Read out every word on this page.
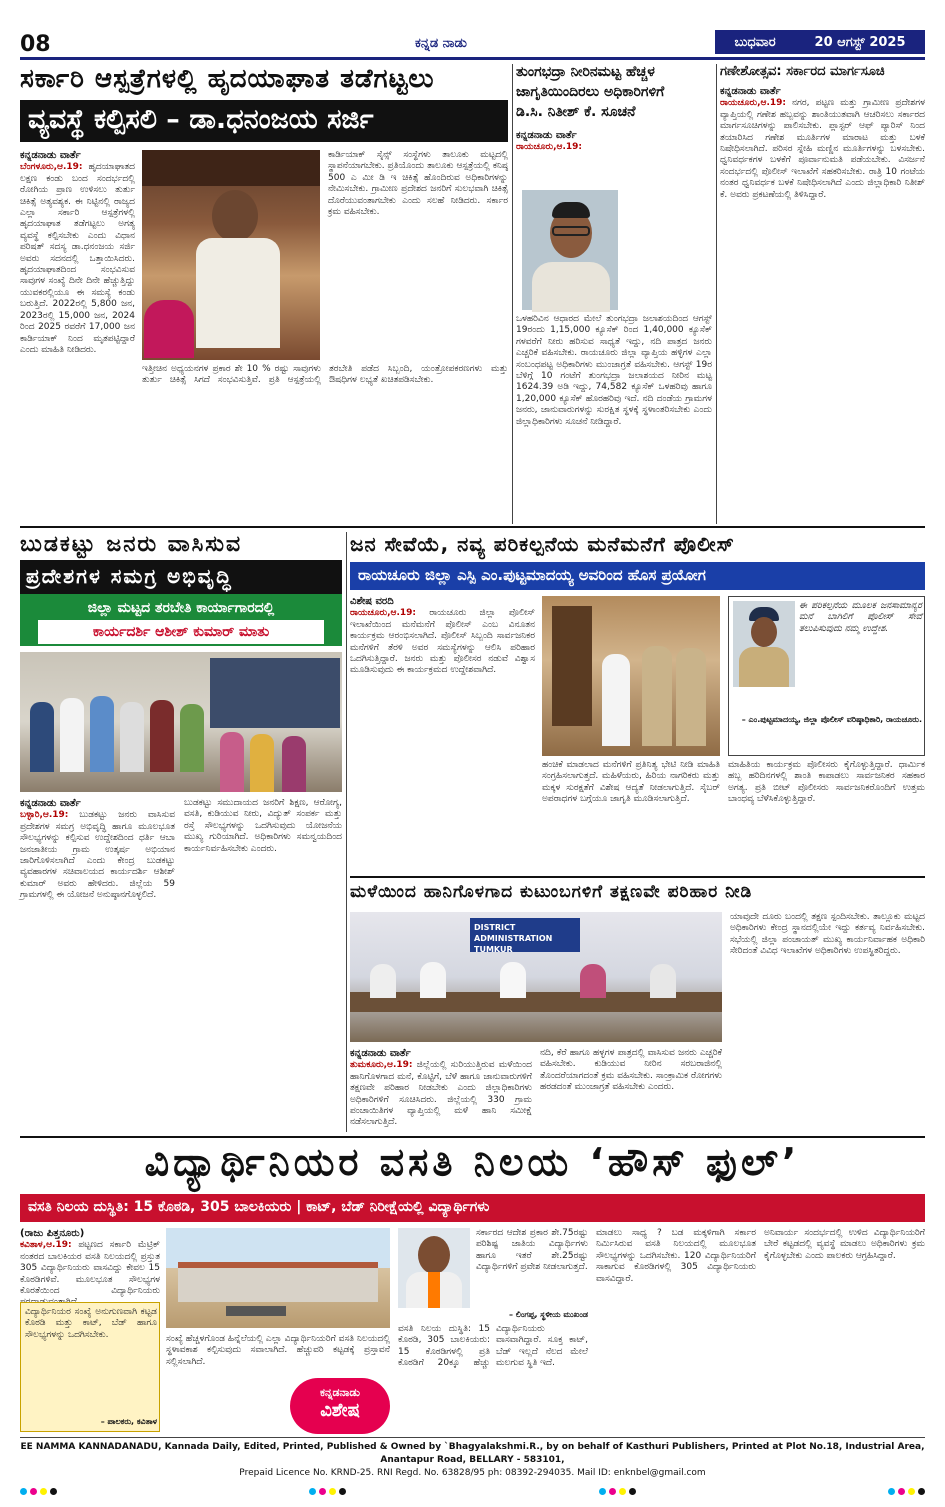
08	ಕನ್ನಡ ನಾಡು	ಬುಧವಾರ	20 ಆಗಸ್ಟ್ 2025
ಸರ್ಕಾರಿ ಆಸ್ಪತ್ರೆಗಳಲ್ಲಿ ಹೃದಯಾಘಾತ ತಡೆಗಟ್ಟಲು
ವ್ಯವಸ್ಥೆ ಕಲ್ಪಿಸಲಿ – ಡಾ.ಧನಂಜಯ ಸರ್ಜಿ
ಕನ್ನಡನಾಡು ವಾರ್ತೆ
ಬೆಂಗಳೂರು,ಆ.19: ಹೃದಯಾಘಾತದ ಲಕ್ಷಣ ಕಂಡು ಬಂದ ಸಂದರ್ಭದಲ್ಲಿ ರೋಗಿಯ ಪ್ರಾಣ ಉಳಿಸಲು ತುರ್ತು ಚಿಕಿತ್ಸೆ ಅತ್ಯವಶ್ಯಕ. ಈ ನಿಟ್ಟಿನಲ್ಲಿ ರಾಜ್ಯದ ಎಲ್ಲಾ ಸರ್ಕಾರಿ ಆಸ್ಪತ್ರೆಗಳಲ್ಲಿ ಹೃದಯಾಘಾತ ತಡೆಗಟ್ಟಲು ಅಗತ್ಯ ವ್ಯವಸ್ಥೆ ಕಲ್ಪಿಸಬೇಕು ಎಂದು ವಿಧಾನ ಪರಿಷತ್ ಸದಸ್ಯ ಡಾ.ಧನಂಜಯ ಸರ್ಜಿ ಅವರು ಸದನದಲ್ಲಿ ಒತ್ತಾಯಿಸಿದರು. ಹೃದಯಾಘಾತದಿಂದ ಸಂಭವಿಸುವ ಸಾವುಗಳ ಸಂಖ್ಯೆ ದಿನೇ ದಿನೇ ಹೆಚ್ಚುತ್ತಿದ್ದು ಯುವಕರಲ್ಲಿಯೂ ಈ ಸಮಸ್ಯೆ ಕಂಡು ಬರುತ್ತಿದೆ. 2022ರಲ್ಲಿ 5,800 ಜನ, 2023ರಲ್ಲಿ 15,000 ಜನ, 2024 ರಿಂದ 2025 ರವರೆಗೆ 17,000 ಜನ ಕಾರ್ಡಿಯಾಕ್ ನಿಂದ ಮೃತಪಟ್ಟಿದ್ದಾರೆ ಎಂದು ಮಾಹಿತಿ ನೀಡಿದರು.
ಕಾರ್ಡಿಯಾಕ್ ಸೈನ್ಸ್ ಸಂಸ್ಥೆಗಳು ತಾಲೂಕು ಮಟ್ಟದಲ್ಲಿ ಸ್ಥಾಪನೆಯಾಗಬೇಕು. ಪ್ರತಿಯೊಂದು ತಾಲೂಕು ಆಸ್ಪತ್ರೆಯಲ್ಲಿ ಕನಿಷ್ಠ 500 ಎ ಮೀ ಡಿ ಇ ಚಿಕಿತ್ಸೆ ಹೊಂದಿರುವ ಅಧಿಕಾರಿಗಳನ್ನು ನೇಮಿಸಬೇಕು. ಗ್ರಾಮೀಣ ಪ್ರದೇಶದ ಜನರಿಗೆ ಸುಲಭವಾಗಿ ಚಿಕಿತ್ಸೆ ದೊರೆಯುವಂತಾಗಬೇಕು ಎಂದು ಸಲಹೆ ನೀಡಿದರು. ಸರ್ಕಾರ ಕ್ರಮ ವಹಿಸಬೇಕು.
ಇತ್ತೀಚಿನ ಅಧ್ಯಯನಗಳ ಪ್ರಕಾರ ಶೇ 10 % ರಷ್ಟು ಸಾವುಗಳು ತುರ್ತು ಚಿಕಿತ್ಸೆ ಸಿಗದೆ ಸಂಭವಿಸುತ್ತಿವೆ. ಪ್ರತಿ ಆಸ್ಪತ್ರೆಯಲ್ಲಿ ತರಬೇತಿ ಪಡೆದ ಸಿಬ್ಬಂದಿ, ಯಂತ್ರೋಪಕರಣಗಳು ಮತ್ತು ಔಷಧಿಗಳ ಲಭ್ಯತೆ ಖಚಿತಪಡಿಸಬೇಕು.
ತುಂಗಭದ್ರಾ ನೀರಿನಮಟ್ಟ ಹೆಚ್ಚಳ
ಜಾಗೃತಿಯಿಂದಿರಲು ಅಧಿಕಾರಿಗಳಿಗೆ
ಡಿ.ಸಿ. ನಿತೀಶ್ ಕೆ. ಸೂಚನೆ
ಕನ್ನಡನಾಡು ವಾರ್ತೆ
ರಾಯಚೂರು,ಆ.19:
ಒಳಹರಿವಿನ ಆಧಾರದ ಮೇಲೆ ತುಂಗಭದ್ರಾ ಜಲಾಶಯದಿಂದ ಆಗಸ್ಟ್ 19ರಂದು 1,15,000 ಕ್ಯೂಸೆಕ್ ರಿಂದ 1,40,000 ಕ್ಯೂಸೆಕ್ ಗಳವರೆಗೆ ನೀರು ಹರಿಸುವ ಸಾಧ್ಯತೆ ಇದ್ದು, ನದಿ ಪಾತ್ರದ ಜನರು ಎಚ್ಚರಿಕೆ ವಹಿಸಬೇಕು. ರಾಯಚೂರು ಜಿಲ್ಲಾ ವ್ಯಾಪ್ತಿಯ ಹಳ್ಳಿಗಳ ಎಲ್ಲಾ ಸಂಬಂಧಪಟ್ಟ ಅಧಿಕಾರಿಗಳು ಮುಂಜಾಗ್ರತೆ ವಹಿಸಬೇಕು. ಆಗಸ್ಟ್ 19ರ ಬೆಳಿಗ್ಗೆ 10 ಗಂಟೆಗೆ ತುಂಗಭದ್ರಾ ಜಲಾಶಯದ ನೀರಿನ ಮಟ್ಟ 1624.39 ಅಡಿ ಇದ್ದು, 74,582 ಕ್ಯೂಸೆಕ್ ಒಳಹರಿವು ಹಾಗೂ 1,20,000 ಕ್ಯೂಸೆಕ್ ಹೊರಹರಿವು ಇದೆ. ನದಿ ದಂಡೆಯ ಗ್ರಾಮಗಳ ಜನರು, ಜಾನುವಾರುಗಳನ್ನು ಸುರಕ್ಷಿತ ಸ್ಥಳಕ್ಕೆ ಸ್ಥಳಾಂತರಿಸಬೇಕು ಎಂದು ಜಿಲ್ಲಾಧಿಕಾರಿಗಳು ಸೂಚನೆ ನೀಡಿದ್ದಾರೆ.
ಗಣೇಶೋತ್ಸವ: ಸರ್ಕಾರದ ಮಾರ್ಗಸೂಚಿ
ಕನ್ನಡನಾಡು ವಾರ್ತೆ
ರಾಯಚೂರು,ಆ.19: ನಗರ, ಪಟ್ಟಣ ಮತ್ತು ಗ್ರಾಮೀಣ ಪ್ರದೇಶಗಳ ವ್ಯಾಪ್ತಿಯಲ್ಲಿ ಗಣೇಶ ಹಬ್ಬವನ್ನು ಶಾಂತಿಯುತವಾಗಿ ಆಚರಿಸಲು ಸರ್ಕಾರದ ಮಾರ್ಗಸೂಚಿಗಳನ್ನು ಪಾಲಿಸಬೇಕು. ಪ್ಲಾಸ್ಟರ್ ಆಫ್ ಪ್ಯಾರಿಸ್ ನಿಂದ ತಯಾರಿಸಿದ ಗಣೇಶ ಮೂರ್ತಿಗಳ ಮಾರಾಟ ಮತ್ತು ಬಳಕೆ ನಿಷೇಧಿಸಲಾಗಿದೆ. ಪರಿಸರ ಸ್ನೇಹಿ ಮಣ್ಣಿನ ಮೂರ್ತಿಗಳನ್ನು ಬಳಸಬೇಕು. ಧ್ವನಿವರ್ಧಕಗಳ ಬಳಕೆಗೆ ಪೂರ್ವಾನುಮತಿ ಪಡೆಯಬೇಕು. ವಿಸರ್ಜನೆ ಸಂದರ್ಭದಲ್ಲಿ ಪೊಲೀಸ್ ಇಲಾಖೆಗೆ ಸಹಕರಿಸಬೇಕು. ರಾತ್ರಿ 10 ಗಂಟೆಯ ನಂತರ ಧ್ವನಿವರ್ಧಕ ಬಳಕೆ ನಿಷೇಧಿಸಲಾಗಿದೆ ಎಂದು ಜಿಲ್ಲಾಧಿಕಾರಿ ನಿತೀಶ್ ಕೆ. ಅವರು ಪ್ರಕಟಣೆಯಲ್ಲಿ ತಿಳಿಸಿದ್ದಾರೆ.
ಬುಡಕಟ್ಟು ಜನರು ವಾಸಿಸುವ
ಪ್ರದೇಶಗಳ ಸಮಗ್ರ ಅಭಿವೃದ್ಧಿ
ಜಿಲ್ಲಾ ಮಟ್ಟದ ತರಬೇತಿ ಕಾರ್ಯಾಗಾರದಲ್ಲಿ
ಕಾರ್ಯದರ್ಶಿ ಆಶೀಶ್ ಕುಮಾರ್ ಮಾತು
ಕನ್ನಡನಾಡು ವಾರ್ತೆ
ಬಳ್ಳಾರಿ,ಆ.19: ಬುಡಕಟ್ಟು ಜನರು ವಾಸಿಸುವ ಪ್ರದೇಶಗಳ ಸಮಗ್ರ ಅಭಿವೃದ್ಧಿ ಹಾಗೂ ಮೂಲಭೂತ ಸೌಲಭ್ಯಗಳನ್ನು ಕಲ್ಪಿಸುವ ಉದ್ದೇಶದಿಂದ ಧರ್ತಿ ಆಬಾ ಜನಜಾತೀಯ ಗ್ರಾಮ ಉತ್ಕರ್ಷ ಅಭಿಯಾನ ಜಾರಿಗೊಳಿಸಲಾಗಿದೆ ಎಂದು ಕೇಂದ್ರ ಬುಡಕಟ್ಟು ವ್ಯವಹಾರಗಳ ಸಚಿವಾಲಯದ ಕಾರ್ಯದರ್ಶಿ ಆಶೀಶ್ ಕುಮಾರ್ ಅವರು ಹೇಳಿದರು. ಜಿಲ್ಲೆಯ 59 ಗ್ರಾಮಗಳಲ್ಲಿ ಈ ಯೋಜನೆ ಅನುಷ್ಠಾನಗೊಳ್ಳಲಿದೆ.
ಬುಡಕಟ್ಟು ಸಮುದಾಯದ ಜನರಿಗೆ ಶಿಕ್ಷಣ, ಆರೋಗ್ಯ, ವಸತಿ, ಕುಡಿಯುವ ನೀರು, ವಿದ್ಯುತ್ ಸಂಪರ್ಕ ಮತ್ತು ರಸ್ತೆ ಸೌಲಭ್ಯಗಳನ್ನು ಒದಗಿಸುವುದು ಯೋಜನೆಯ ಮುಖ್ಯ ಗುರಿಯಾಗಿದೆ. ಅಧಿಕಾರಿಗಳು ಸಮನ್ವಯದಿಂದ ಕಾರ್ಯನಿರ್ವಹಿಸಬೇಕು ಎಂದರು.
ಜನ ಸೇವೆಯೆ, ನವ್ಯ ಪರಿಕಲ್ಪನೆಯ ಮನೆಮನೆಗೆ ಪೊಲೀಸ್
ರಾಯಚೂರು ಜಿಲ್ಲಾ ಎಸ್ಪಿ ಎಂ.ಪುಟ್ಟಮಾದಯ್ಯ ಅವರಿಂದ ಹೊಸ ಪ್ರಯೋಗ
ವಿಶೇಷ ವರದಿ
ರಾಯಚೂರು,ಆ.19: ರಾಯಚೂರು ಜಿಲ್ಲಾ ಪೊಲೀಸ್ ಇಲಾಖೆಯಿಂದ ಮನೆಮನೆಗೆ ಪೊಲೀಸ್ ಎಂಬ ವಿನೂತನ ಕಾರ್ಯಕ್ರಮ ಆರಂಭಿಸಲಾಗಿದೆ. ಪೊಲೀಸ್ ಸಿಬ್ಬಂದಿ ಸಾರ್ವಜನಿಕರ ಮನೆಗಳಿಗೆ ತೆರಳಿ ಅವರ ಸಮಸ್ಯೆಗಳನ್ನು ಆಲಿಸಿ ಪರಿಹಾರ ಒದಗಿಸುತ್ತಿದ್ದಾರೆ. ಜನರು ಮತ್ತು ಪೊಲೀಸರ ನಡುವೆ ವಿಶ್ವಾಸ ಮೂಡಿಸುವುದು ಈ ಕಾರ್ಯಕ್ರಮದ ಉದ್ದೇಶವಾಗಿದೆ.
ಈ ಪರಿಕಲ್ಪನೆಯ ಮೂಲಕ ಜನಸಾಮಾನ್ಯರ ಮನೆ ಬಾಗಿಲಿಗೆ ಪೊಲೀಸ್ ಸೇವೆ ತಲುಪಿಸುವುದು ನಮ್ಮ ಉದ್ದೇಶ.
– ಎಂ.ಪುಟ್ಟಮಾದಯ್ಯ, ಜಿಲ್ಲಾ ಪೊಲೀಸ್ ವರಿಷ್ಠಾಧಿಕಾರಿ, ರಾಯಚೂರು.
ಹಂಚಿಕೆ ಮಾಡಲಾದ ಮನೆಗಳಿಗೆ ಪ್ರತಿನಿತ್ಯ ಭೇಟಿ ನೀಡಿ ಮಾಹಿತಿ ಸಂಗ್ರಹಿಸಲಾಗುತ್ತದೆ. ಮಹಿಳೆಯರು, ಹಿರಿಯ ನಾಗರಿಕರು ಮತ್ತು ಮಕ್ಕಳ ಸುರಕ್ಷತೆಗೆ ವಿಶೇಷ ಆದ್ಯತೆ ನೀಡಲಾಗುತ್ತಿದೆ. ಸೈಬರ್ ಅಪರಾಧಗಳ ಬಗ್ಗೆಯೂ ಜಾಗೃತಿ ಮೂಡಿಸಲಾಗುತ್ತಿದೆ.
ಮಾಹಿತಿಯ ಕಾರ್ಯಕ್ರಮ ಪೊಲೀಸರು ಕೈಗೊಳ್ಳುತ್ತಿದ್ದಾರೆ. ಧಾರ್ಮಿಕ ಹಬ್ಬ ಹರಿದಿನಗಳಲ್ಲಿ ಶಾಂತಿ ಕಾಪಾಡಲು ಸಾರ್ವಜನಿಕರ ಸಹಕಾರ ಅಗತ್ಯ. ಪ್ರತಿ ಬೀಟ್ ಪೊಲೀಸರು ಸಾರ್ವಜನಿಕರೊಂದಿಗೆ ಉತ್ತಮ ಬಾಂಧವ್ಯ ಬೆಳೆಸಿಕೊಳ್ಳುತ್ತಿದ್ದಾರೆ.
ಮಳೆಯಿಂದ ಹಾನಿಗೊಳಗಾದ ಕುಟುಂಬಗಳಿಗೆ ತಕ್ಷಣವೇ ಪರಿಹಾರ ನೀಡಿ
DISTRICT ADMINISTRATION TUMKUR
ಯಾವುದೇ ದೂರು ಬಂದಲ್ಲಿ ತಕ್ಷಣ ಸ್ಪಂದಿಸಬೇಕು. ತಾಲ್ಲೂಕು ಮಟ್ಟದ ಅಧಿಕಾರಿಗಳು ಕೇಂದ್ರ ಸ್ಥಾನದಲ್ಲಿಯೇ ಇದ್ದು ಕರ್ತವ್ಯ ನಿರ್ವಹಿಸಬೇಕು. ಸಭೆಯಲ್ಲಿ ಜಿಲ್ಲಾ ಪಂಚಾಯತ್ ಮುಖ್ಯ ಕಾರ್ಯನಿರ್ವಾಹಕ ಅಧಿಕಾರಿ ಸೇರಿದಂತೆ ವಿವಿಧ ಇಲಾಖೆಗಳ ಅಧಿಕಾರಿಗಳು ಉಪಸ್ಥಿತರಿದ್ದರು.
ಕನ್ನಡನಾಡು ವಾರ್ತೆ
ತುಮಕೂರು,ಆ.19: ಜಿಲ್ಲೆಯಲ್ಲಿ ಸುರಿಯುತ್ತಿರುವ ಮಳೆಯಿಂದ ಹಾನಿಗೊಳಗಾದ ಮನೆ, ಕೊಟ್ಟಿಗೆ, ಬೆಳೆ ಹಾಗೂ ಜಾನುವಾರುಗಳಿಗೆ ತಕ್ಷಣವೇ ಪರಿಹಾರ ನೀಡಬೇಕು ಎಂದು ಜಿಲ್ಲಾಧಿಕಾರಿಗಳು ಅಧಿಕಾರಿಗಳಿಗೆ ಸೂಚಿಸಿದರು. ಜಿಲ್ಲೆಯಲ್ಲಿ 330 ಗ್ರಾಮ ಪಂಚಾಯಿತಿಗಳ ವ್ಯಾಪ್ತಿಯಲ್ಲಿ ಮಳೆ ಹಾನಿ ಸಮೀಕ್ಷೆ ನಡೆಸಲಾಗುತ್ತಿದೆ.
ನದಿ, ಕೆರೆ ಹಾಗೂ ಹಳ್ಳಗಳ ಪಾತ್ರದಲ್ಲಿ ವಾಸಿಸುವ ಜನರು ಎಚ್ಚರಿಕೆ ವಹಿಸಬೇಕು. ಕುಡಿಯುವ ನೀರಿನ ಸರಬರಾಜಿನಲ್ಲಿ ತೊಂದರೆಯಾಗದಂತೆ ಕ್ರಮ ವಹಿಸಬೇಕು. ಸಾಂಕ್ರಾಮಿಕ ರೋಗಗಳು ಹರಡದಂತೆ ಮುಂಜಾಗ್ರತೆ ವಹಿಸಬೇಕು ಎಂದರು.
ವಿದ್ಯಾರ್ಥಿನಿಯರ ವಸತಿ ನಿಲಯ ‘ಹೌಸ್ ಫುಲ್’
ವಸತಿ ನಿಲಯ ದುಸ್ಥಿತಿ: 15 ಕೊಠಡಿ, 305 ಬಾಲಕಿಯರು | ಕಾಟ್, ಬೆಡ್ ನಿರೀಕ್ಷೆಯಲ್ಲಿ ವಿದ್ಯಾರ್ಥಿಗಳು
(ರಾಜು ಪಿತ್ತನೂರು)
ಕವಿತಾಳ,ಆ.19: ಪಟ್ಟಣದ ಸರ್ಕಾರಿ ಮೆಟ್ರಿಕ್ ನಂತರದ ಬಾಲಕಿಯರ ವಸತಿ ನಿಲಯದಲ್ಲಿ ಪ್ರಸ್ತುತ 305 ವಿದ್ಯಾರ್ಥಿನಿಯರು ವಾಸವಿದ್ದು ಕೇವಲ 15 ಕೊಠಡಿಗಳಿವೆ. ಮೂಲಭೂತ ಸೌಲಭ್ಯಗಳ ಕೊರತೆಯಿಂದ ವಿದ್ಯಾರ್ಥಿನಿಯರು
ವಿದ್ಯಾರ್ಥಿನಿಯರ ಸಂಖ್ಯೆ ಅನುಗುಣವಾಗಿ ಕಟ್ಟಡ ಕೊಠಡಿ ಮತ್ತು ಕಾಟ್, ಬೆಡ್ ಹಾಗೂ ಸೌಲಭ್ಯಗಳನ್ನು ಒದಗಿಸಬೇಕು.
– ಪಾಲಕರು, ಕವಿತಾಳ
ಸಂಖ್ಯೆ ಹೆಚ್ಚಳಗೊಂಡ ಹಿನ್ನೆಲೆಯಲ್ಲಿ ಎಲ್ಲಾ ವಿದ್ಯಾರ್ಥಿನಿಯರಿಗೆ ವಸತಿ ನಿಲಯದಲ್ಲಿ ಸ್ಥಳಾವಕಾಶ ಕಲ್ಪಿಸುವುದು ಸವಾಲಾಗಿದೆ. ಹೆಚ್ಚುವರಿ ಕಟ್ಟಡಕ್ಕೆ ಪ್ರಸ್ತಾವನೆ ಸಲ್ಲಿಸಲಾಗಿದೆ.
ಕನ್ನಡನಾಡು
ವಿಶೇಷ
ಸರ್ಕಾರದ ಆದೇಶ ಪ್ರಕಾರ ಶೇ.75ರಷ್ಟು ಪರಿಶಿಷ್ಟ ಜಾತಿಯ ವಿದ್ಯಾರ್ಥಿಗಳು ಹಾಗೂ ಇತರೆ ಶೇ.25ರಷ್ಟು ವಿದ್ಯಾರ್ಥಿಗಳಿಗೆ ಪ್ರವೇಶ ನೀಡಲಾಗುತ್ತದೆ.
– ಲಿಂಗಪ್ಪ, ಸ್ಥಳೀಯ ಮುಖಂಡ
ವಸತಿ ನಿಲಯ ದುಸ್ಥಿತಿ: 15 ಕೊಠಡಿ, 305 ಬಾಲಕಿಯರು: 15 ಕೊಠಡಿಗಳಲ್ಲಿ ಪ್ರತಿ ಕೊಠಡಿಗೆ 20ಕ್ಕೂ ಹೆಚ್ಚು ವಿದ್ಯಾರ್ಥಿನಿಯರು ವಾಸವಾಗಿದ್ದಾರೆ. ಸೂಕ್ತ ಕಾಟ್, ಬೆಡ್ ಇಲ್ಲದೆ ನೆಲದ ಮೇಲೆ ಮಲಗುವ ಸ್ಥಿತಿ ಇದೆ.
ಮಾಡಲು ಸಾಧ್ಯ ? ಬಡ ಮಕ್ಕಳಿಗಾಗಿ ಸರ್ಕಾರ ನಿರ್ಮಿಸಿರುವ ವಸತಿ ನಿಲಯದಲ್ಲಿ ಮೂಲಭೂತ ಸೌಲಭ್ಯಗಳನ್ನು ಒದಗಿಸಬೇಕು. 120 ವಿದ್ಯಾರ್ಥಿನಿಯರಿಗೆ ಸಾಕಾಗುವ ಕೊಠಡಿಗಳಲ್ಲಿ 305 ವಿದ್ಯಾರ್ಥಿನಿಯರು ವಾಸವಿದ್ದಾರೆ.
ಅನಿವಾರ್ಯ ಸಂದರ್ಭದಲ್ಲಿ ಉಳಿದ ವಿದ್ಯಾರ್ಥಿನಿಯರಿಗೆ ಬೇರೆ ಕಟ್ಟಡದಲ್ಲಿ ವ್ಯವಸ್ಥೆ ಮಾಡಲು ಅಧಿಕಾರಿಗಳು ಕ್ರಮ ಕೈಗೊಳ್ಳಬೇಕು ಎಂದು ಪಾಲಕರು ಆಗ್ರಹಿಸಿದ್ದಾರೆ.
EE NAMMA KANNADANADU, Kannada Daily, Edited, Printed, Published & Owned by `Bhagyalakshmi.R., by on behalf of Kasthuri Publishers, Printed at Plot No.18, Industrial Area, Anantapur Road, BELLARY - 583101,
Prepaid Licence No. KRND-25. RNI Regd. No. 63828/95 ph: 08392-294035. Mail ID: enknbel@gmail.com
